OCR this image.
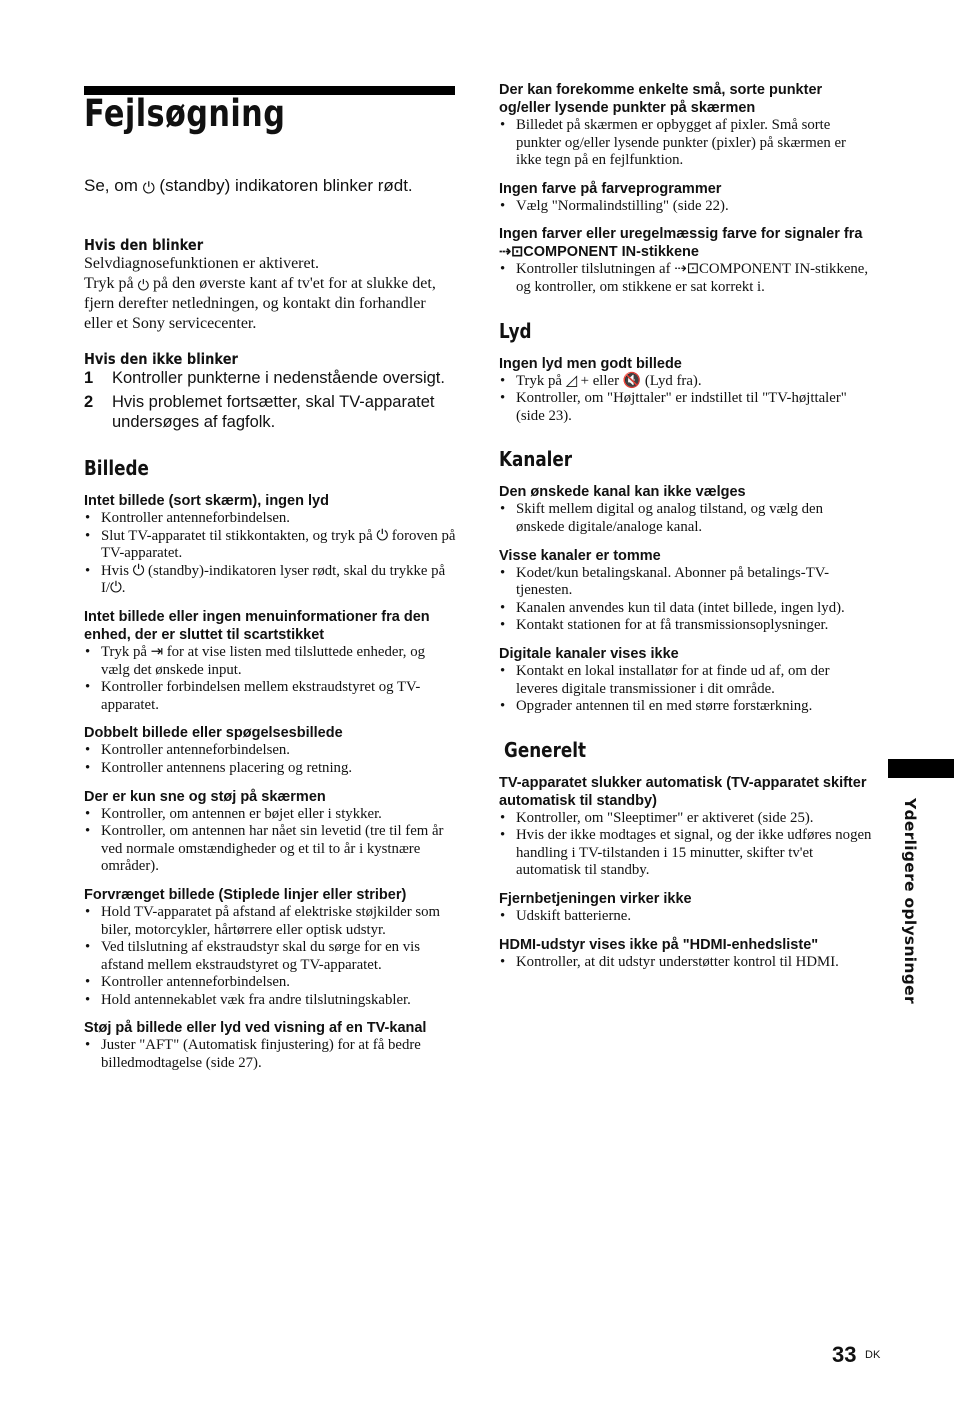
Fejlsøgning

Se, om ⏻ (standby) indikatoren blinker rødt.

Hvis den blinker

Selvdiagnosefunktionen er aktiveret.

Tryk på ⏻ på den øverste kant af tv'et for at slukke det, fjern derefter netledningen, og kontakt din forhandler eller et Sony servicecenter.

Hvis den ikke blinker
1 Kontroller punkterne i nedenstående oversigt.
2 Hvis problemet fortsætter, skal TV-apparatet undersøges af fagfolk.
Billede
Intet billede (sort skærm), ingen lyd
• Kontroller antenneforbindelsen.
• Slut TV-apparatet til stikkontakten, og tryk på ⏻ foroven på TV-apparatet.
• Hvis ⏻ (standby)-indikatoren lyser rødt, skal du trykke på I/⏻.
Intet billede eller ingen menuinformationer fra den enhed, der er sluttet til scartstikket
• Tryk på ⇥ for at vise listen med tilsluttede enheder, og vælg det ønskede input.
• Kontroller forbindelsen mellem ekstraudstyret og TV-apparatet.
Dobbelt billede eller spøgelsesbillede
• Kontroller antenneforbindelsen.
• Kontroller antennens placering og retning.
Der er kun sne og støj på skærmen
• Kontroller, om antennen er bøjet eller i stykker.
• Kontroller, om antennen har nået sin levetid (tre til fem år ved normale omstændigheder og et til to år i kystnære områder).
Forvrænget billede (Stiplede linjer eller striber)
• Hold TV-apparatet på afstand af elektriske støjkilder som biler, motorcykler, hårtørrere eller optisk udstyr.
• Ved tilslutning af ekstraudstyr skal du sørge for en vis afstand mellem ekstraudstyret og TV-apparatet.
• Kontroller antenneforbindelsen.
• Hold antennekablet væk fra andre tilslutningskabler.
Støj på billede eller lyd ved visning af en TV-kanal
• Juster "AFT" (Automatisk finjustering) for at få bedre billedmodtagelse (side 27).
Der kan forekomme enkelte små, sorte punkter og/eller lysende punkter på skærmen
• Billedet på skærmen er opbygget af pixler. Små sorte punkter og/eller lysende punkter (pixler) på skærmen er ikke tegn på en fejlfunktion.
Ingen farve på farveprogrammer
• Vælg "Normalindstilling" (side 22).
Ingen farver eller uregelmæssig farve for signaler fra ⇢⊡COMPONENT IN-stikkene
• Kontroller tilslutningen af ⇢⊡COMPONENT IN-stikkene, og kontroller, om stikkene er sat korrekt i.
Lyd
Ingen lyd men godt billede
• Tryk på ◿ + eller 🔇 (Lyd fra).
• Kontroller, om "Højttaler" er indstillet til "TV-højttaler" (side 23).
Kanaler
Den ønskede kanal kan ikke vælges
• Skift mellem digital og analog tilstand, og vælg den ønskede digitale/analoge kanal.
Visse kanaler er tomme
• Kodet/kun betalingskanal. Abonner på betalings-TV-tjenesten.
• Kanalen anvendes kun til data (intet billede, ingen lyd).
• Kontakt stationen for at få transmissionsoplysninger.
Digitale kanaler vises ikke
• Kontakt en lokal installatør for at finde ud af, om der leveres digitale transmissioner i dit område.
• Opgrader antennen til en med større forstærkning.
Generelt
TV-apparatet slukker automatisk (TV-apparatet skifter automatisk til standby)
• Kontroller, om "Sleeptimer" er aktiveret (side 25).
• Hvis der ikke modtages et signal, og der ikke udføres nogen handling i TV-tilstanden i 15 minutter, skifter tv'et automatisk til standby.
Fjernbetjeningen virker ikke
• Udskift batterierne.
HDMI-udstyr vises ikke på "HDMI-enhedsliste"
• Kontroller, at dit udstyr understøtter kontrol til HDMI.	Yderligere oplysninger
33 DK
